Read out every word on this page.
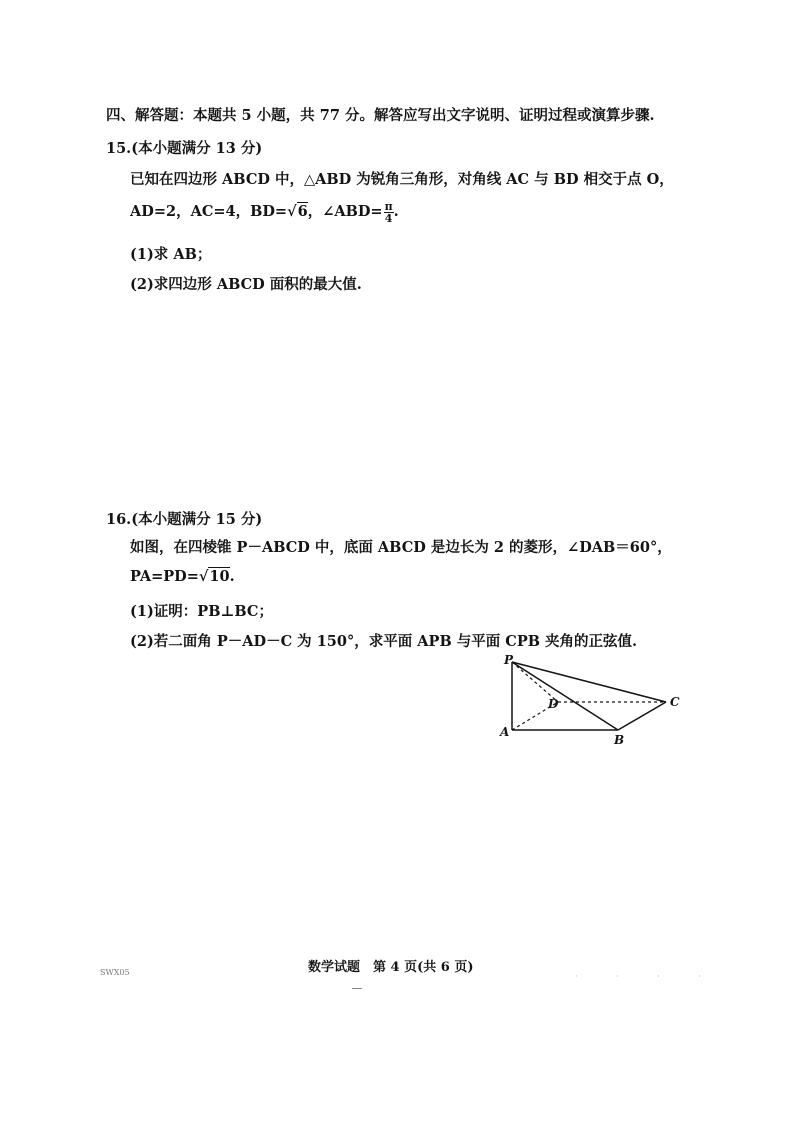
四、解答题：本题共 5 小题，共 77 分。解答应写出文字说明、证明过程或演算步骤.
15.(本小题满分 13 分)
已知在四边形 ABCD 中，△ABD 为锐角三角形，对角线 AC 与 BD 相交于点 O，
AD=2，AC=4，BD=√6，∠ABD= $\frac{\pi}{4}$ .
(1)求 AB；
(2)求四边形 ABCD 面积的最大值.
16.(本小题满分 15 分)
如图，在四棱锥 P－ABCD 中，底面 ABCD 是边长为 2 的菱形，∠DAB＝60°，
PA=PD=√10.
(1)证明：PB⊥BC；
(2)若二面角 P－AD－C 为 150°，求平面 APB 与平面 CPB 夹角的正弦值.
P
D	C
A
B
数学试题　第 4 页(共 6 页)
SWX05	· · · ·
